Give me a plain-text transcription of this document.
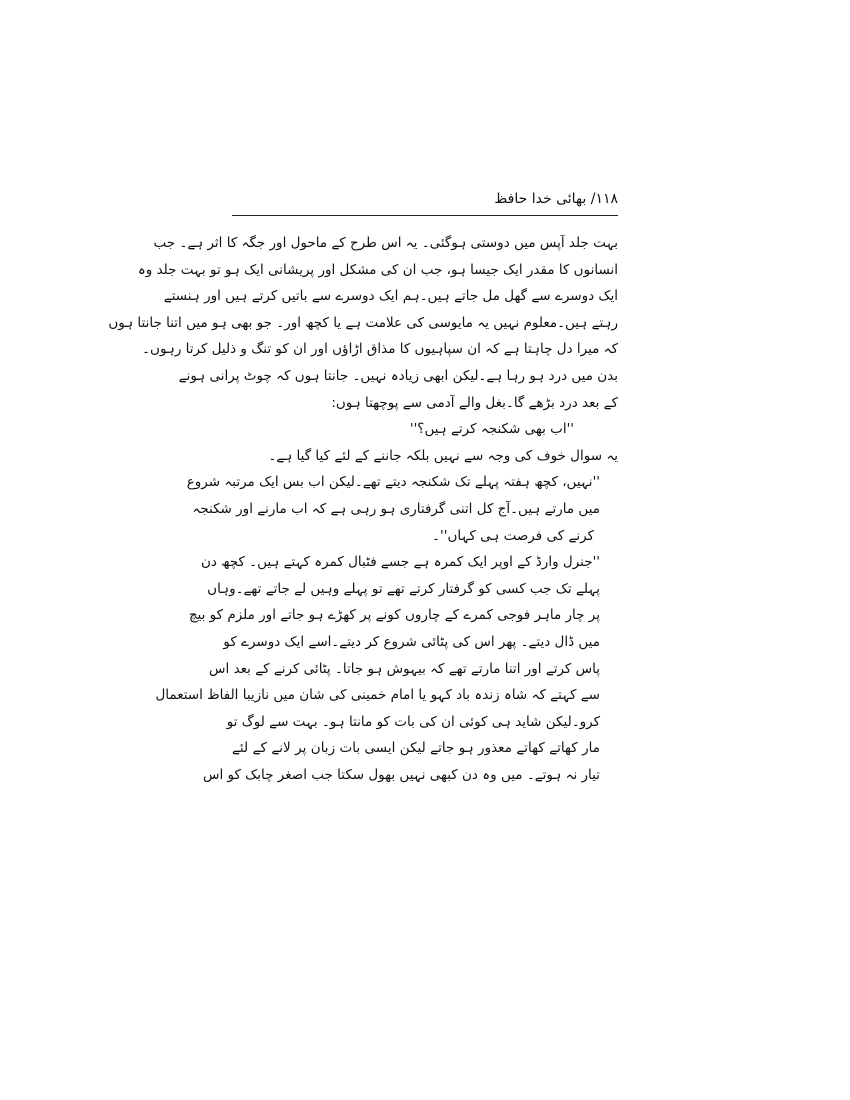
۱۱۸/ بھائی خدا حافظ
بہت جلد آپس میں دوستی ہوگئی۔ یہ اس طرح کے ماحول اور جگہ کا اثر ہے۔ جب
انسانوں کا مقدر ایک جیسا ہو، جب ان کی مشکل اور پریشانی ایک ہو تو بہت جلد وہ
ایک دوسرے سے گھل مل جاتے ہیں۔ہم ایک دوسرے سے باتیں کرتے ہیں اور ہنستے
رہتے ہیں۔معلوم نہیں یہ مایوسی کی علامت ہے یا کچھ اور۔ جو بھی ہو میں اتنا جانتا ہوں
کہ میرا دل چاہتا ہے کہ ان سپاہیوں کا مذاق اڑاؤں اور ان کو تنگ و ذلیل کرتا رہوں۔
بدن میں درد ہو رہا ہے۔لیکن ابھی زیادہ نہیں۔ جانتا ہوں کہ چوٹ پرانی ہونے
کے بعد درد بڑھے گا۔بغل والے آدمی سے پوچھتا ہوں:
''اب بھی شکنجہ کرتے ہیں؟''
یہ سوال خوف کی وجہ سے نہیں بلکہ جاننے کے لئے کیا گیا ہے۔
''نہیں، کچھ ہفتہ پہلے تک شکنجہ دیتے تھے۔لیکن اب بس ایک مرتبہ شروع
میں مارتے ہیں۔آج کل اتنی گرفتاری ہو رہی ہے کہ اب مارنے اور شکنجہ
کرنے کی فرصت ہی کہاں''۔
''جنرل وارڈ کے اوپر ایک کمرہ ہے جسے فٹبال کمرہ کہتے ہیں۔ کچھ دن
پہلے تک جب کسی کو گرفتار کرتے تھے تو پہلے وہیں لے جاتے تھے۔وہاں
پر چار ماہر فوجی کمرے کے چاروں کونے پر کھڑے ہو جاتے اور ملزم کو بیچ
میں ڈال دیتے۔ پھر اس کی پٹائی شروع کر دیتے۔اسے ایک دوسرے کو
پاس کرتے اور اتنا مارتے تھے کہ بیہوش ہو جاتا۔ پٹائی کرنے کے بعد اس
سے کہتے کہ شاہ زندہ باد کہو یا امام خمینی کی شان میں نازیبا الفاظ استعمال
کرو۔لیکن شاید ہی کوئی ان کی بات کو مانتا ہو۔ بہت سے لوگ تو
مار کھاتے کھاتے معذور ہو جاتے لیکن ایسی بات زبان پر لانے کے لئے
تیار نہ ہوتے۔ میں وہ دن کبھی نہیں بھول سکتا جب اصغر چابک کو اس
